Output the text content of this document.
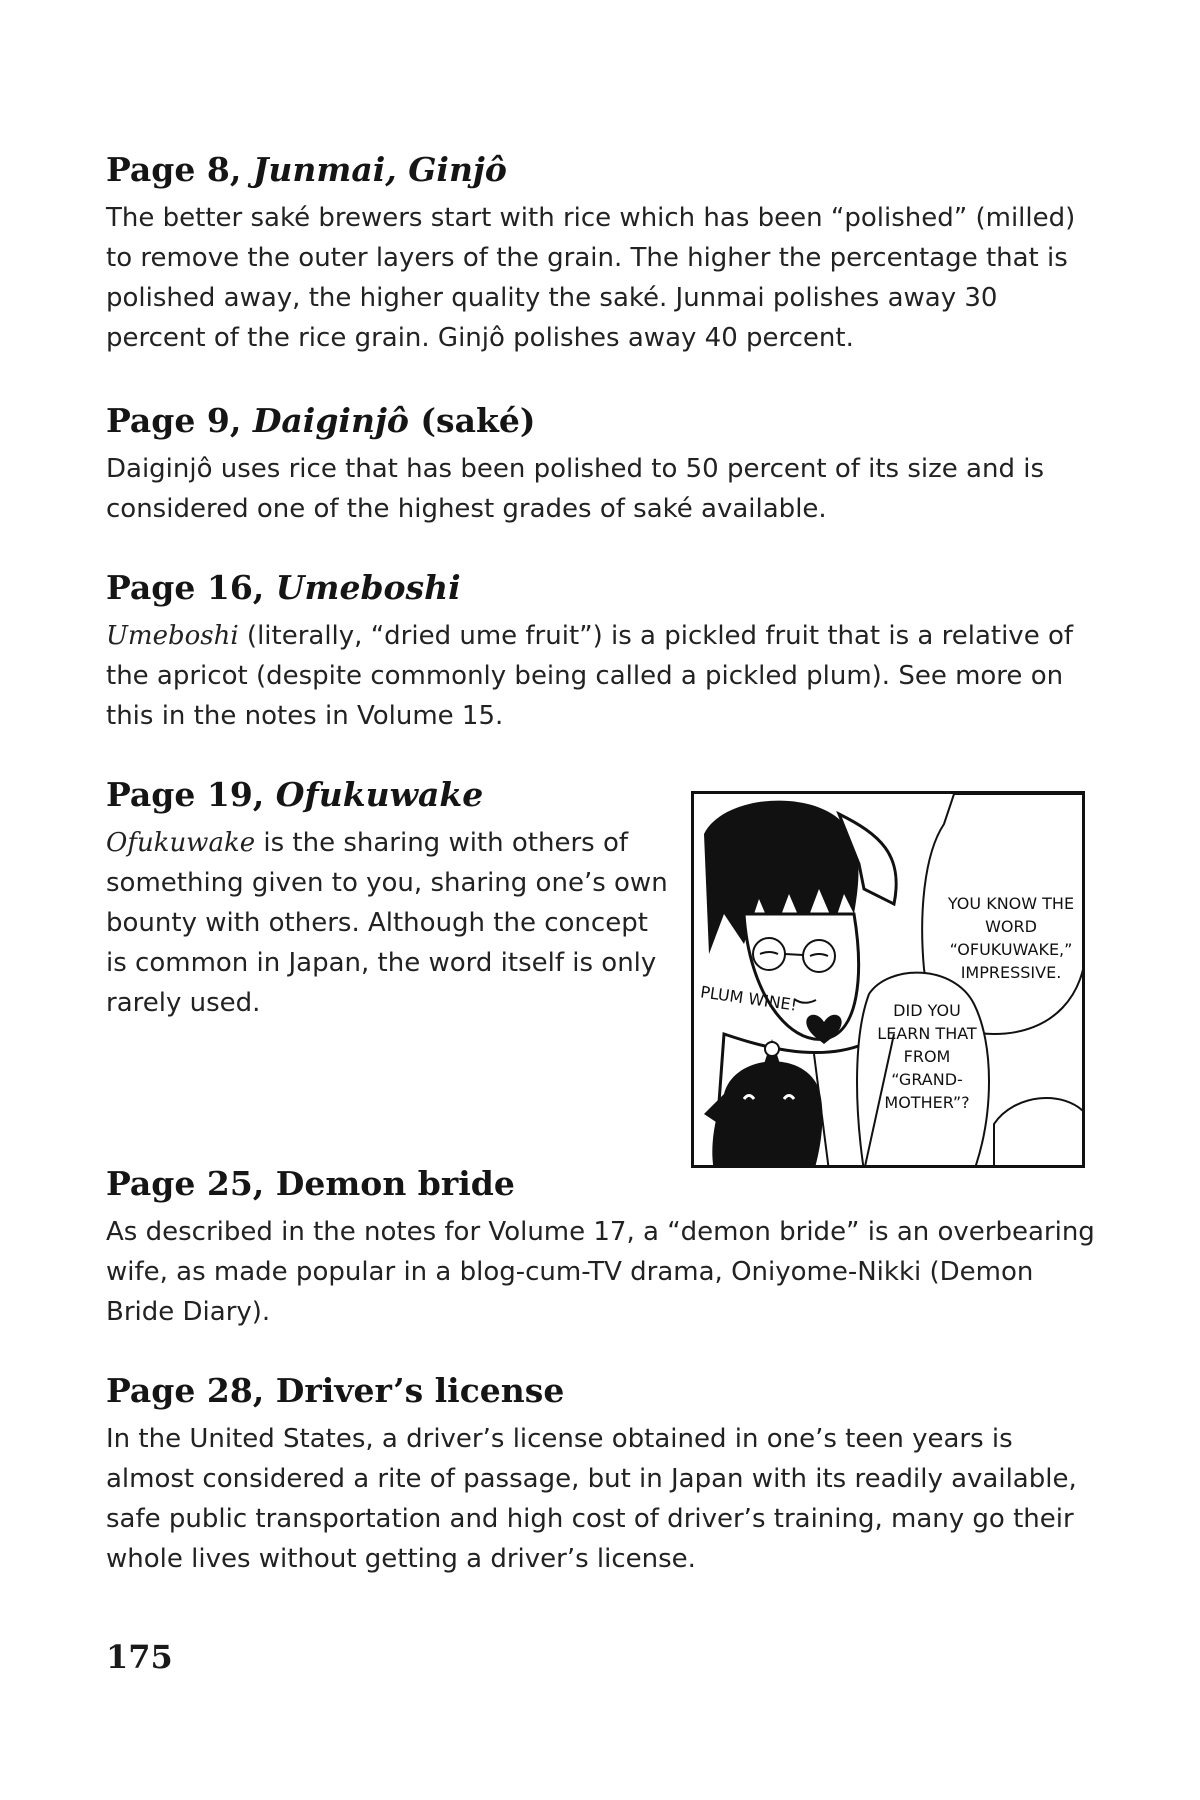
Page 8, Junmai, Ginjô

The better saké brewers start with rice which has been “polished” (milled) to remove the outer layers of the grain. The higher the percentage that is polished away, the higher quality the saké. Junmai polishes away 30 percent of the rice grain. Ginjô polishes away 40 percent.

Page 9, Daiginjô (saké)

Daiginjô uses rice that has been polished to 50 percent of its size and is considered one of the highest grades of saké available.

Page 16, Umeboshi

Umeboshi (literally, “dried ume fruit”) is a pickled fruit that is a relative of the apricot (despite commonly being called a pickled plum). See more on this in the notes in Volume 15.

Page 19, Ofukuwake

Ofukuwake is the sharing with others of something given to you, sharing one’s own bounty with others. Although the concept is common in Japan, the word itself is only rarely used.

YOU KNOW THE WORD “OFUKUWAKE,” IMPRESSIVE.
DID YOU LEARN THAT FROM “GRAND-MOTHER”?
PLUM WINE!
Page 25, Demon bride

As described in the notes for Volume 17, a “demon bride” is an overbearing wife, as made popular in a blog-cum-TV drama, Oniyome-Nikki (Demon Bride Diary).

Page 28, Driver’s license

In the United States, a driver’s license obtained in one’s teen years is almost considered a rite of passage, but in Japan with its readily available, safe public transportation and high cost of driver’s training, many go their whole lives without getting a driver’s license.

175
